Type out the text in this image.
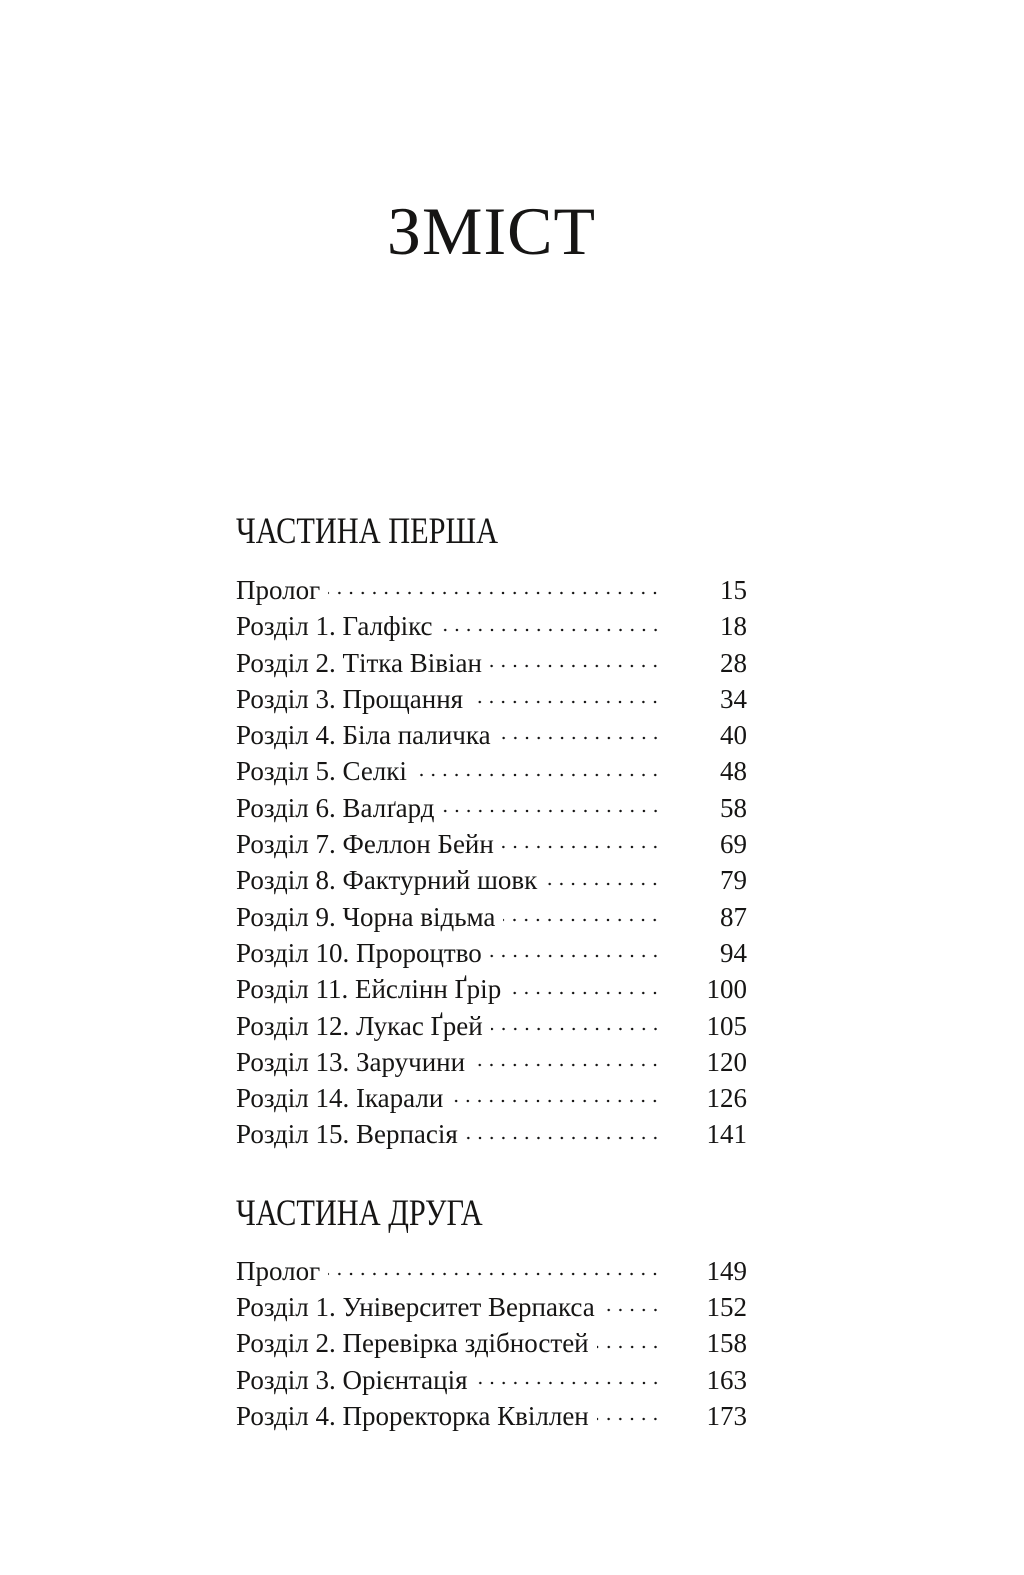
ЗМІСТ
ЧАСТИНА ПЕРША
Пролог	15
Розділ 1. Галфікс	18
Розділ 2. Тітка Вівіан	28
Розділ 3. Прощання	34
Розділ 4. Біла паличка	40
Розділ 5. Селкі	48
Розділ 6. Валґард	58
Розділ 7. Феллон Бейн	69
Розділ 8. Фактурний шовк	79
Розділ 9. Чорна відьма	87
Розділ 10. Пророцтво	94
Розділ 11. Ейслінн Ґрір	100
Розділ 12. Лукас Ґрей	105
Розділ 13. Заручини	120
Розділ 14. Ікарали	126
Розділ 15. Верпасія	141
ЧАСТИНА ДРУГА
Пролог	149
Розділ 1. Університет Верпакса	152
Розділ 2. Перевірка здібностей	158
Розділ 3. Орієнтація	163
Розділ 4. Проректорка Квіллен	173
